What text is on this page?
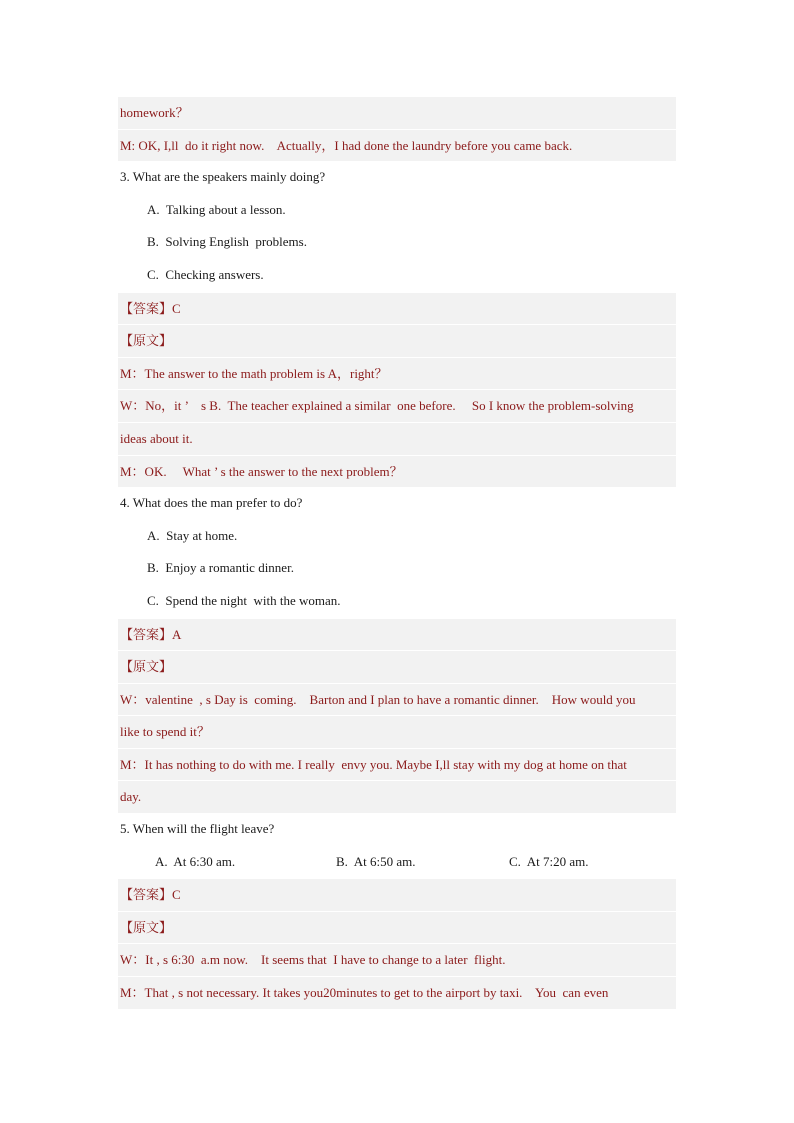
homework？
M: OK, I,ll  do it right now.    Actually，I had done the laundry before you came back.
3. What are the speakers mainly doing?
A.  Talking about a lesson.
B.  Solving English  problems.
C.  Checking answers.
【答案】C
【原文】
M：The answer to the math problem is A，right？
W：No，it ’    s B.  The teacher explained a similar  one before.     So I know the problem-solving
ideas about it.
M：OK.     What ’ s the answer to the next problem？
4. What does the man prefer to do?
A.  Stay at home.
B.  Enjoy a romantic dinner.
C.  Spend the night  with the woman.
【答案】A
【原文】
W：valentine  , s Day is  coming.    Barton and I plan to have a romantic dinner.    How would you
like to spend it？
M：It has nothing to do with me. I really  envy you. Maybe I,ll stay with my dog at home on that
day.
5. When will the flight leave?
A.  At 6:30 am.	B.  At 6:50 am.	C.  At 7:20 am.
【答案】C
【原文】
W：It , s 6:30  a.m now.    It seems that  I have to change to a later  flight.
M：That , s not necessary. It takes you20minutes to get to the airport by taxi.    You  can even
